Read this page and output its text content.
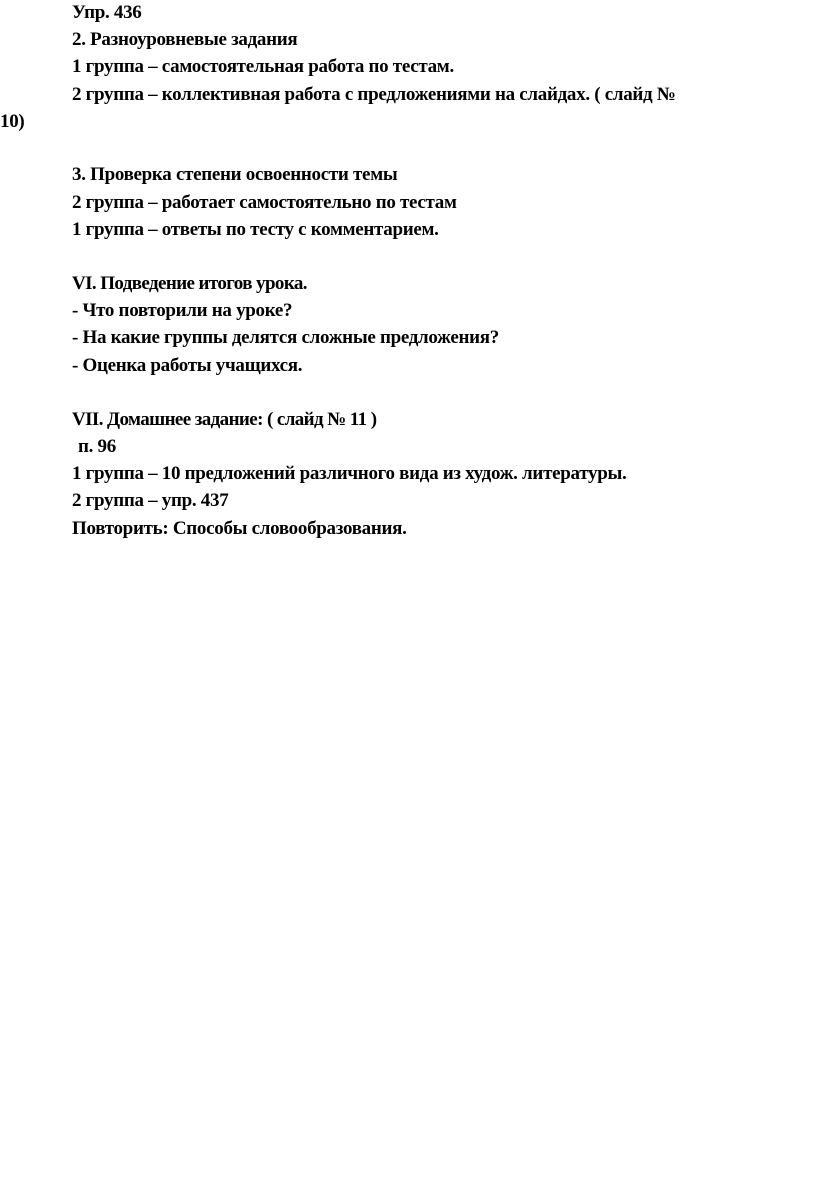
Упр. 436
2. Разноуровневые задания
1 группа – самостоятельная работа по тестам.
2 группа – коллективная работа с предложениями на слайдах. ( слайд №
10)
3. Проверка степени освоенности темы
2 группа – работает самостоятельно по тестам
1 группа – ответы по тесту с комментарием.
VI. Подведение итогов урока.
- Что повторили на уроке?
- На какие группы делятся сложные предложения?
- Оценка работы учащихся.
VII. Домашнее задание: ( слайд № 11 )
п. 96
1 группа – 10 предложений различного вида из худож. литературы.
2 группа – упр. 437
Повторить: Способы словообразования.
